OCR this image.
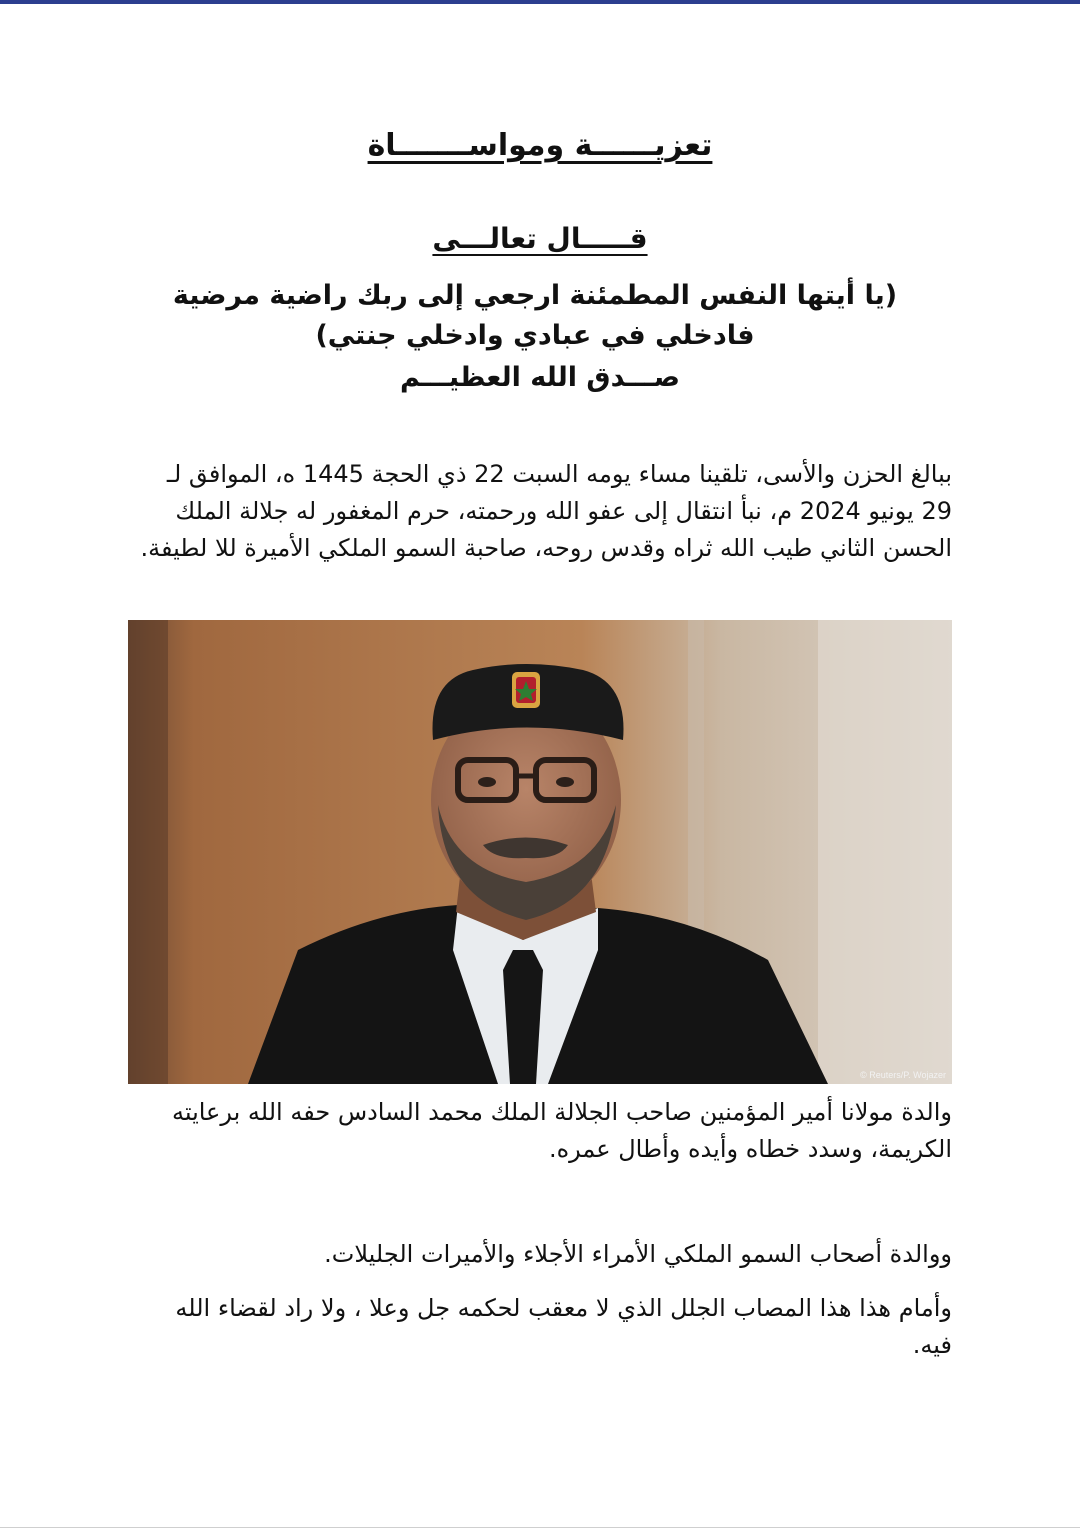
تعزيــــــة ومواســـــــاة
قـــــال تعالـــى
(يا أيتها النفس المطمئنة ارجعي إلى ربك راضية مرضية فادخلي في عبادي وادخلي جنتي)
صـــدق الله العظيـــم
ببالغ الحزن والأسى، تلقينا مساء يومه السبت 22 ذي الحجة 1445 ه، الموافق لـ 29 يونيو 2024 م، نبأ انتقال إلى عفو الله ورحمته، حرم المغفور له جلالة الملك الحسن الثاني طيب الله ثراه وقدس روحه، صاحبة السمو الملكي الأميرة للا لطيفة.
© Reuters/P. Wojazer
والدة مولانا أمير المؤمنين صاحب الجلالة الملك محمد السادس حفه الله برعايته الكريمة، وسدد خطاه وأيده وأطال عمره.
ووالدة أصحاب السمو الملكي الأمراء الأجلاء والأميرات الجليلات.
وأمام هذا هذا المصاب الجلل الذي لا معقب لحكمه جل وعلا ، ولا راد لقضاء الله فيه.
